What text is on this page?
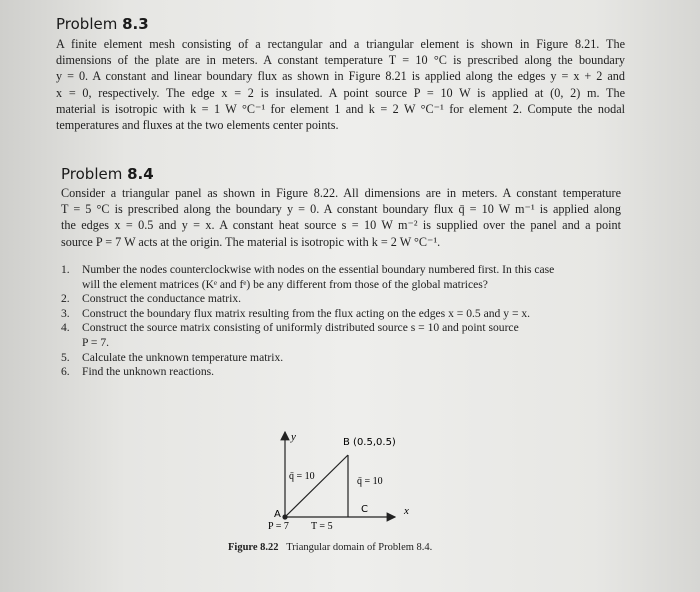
Problem 8.3
A finite element mesh consisting of a rectangular and a triangular element is shown in Figure 8.21. The
dimensions of the plate are in meters. A constant temperature T = 10 °C is prescribed along the boundary
y = 0. A constant and linear boundary flux as shown in Figure 8.21 is applied along the edges y = x + 2 and
x = 0, respectively. The edge x = 2 is insulated. A point source P = 10 W is applied at (0, 2) m. The
material is isotropic with k = 1 W °C⁻¹ for element 1 and k = 2 W °C⁻¹ for element 2. Compute the nodal
temperatures and fluxes at the two elements center points.
Problem 8.4
Consider a triangular panel as shown in Figure 8.22. All dimensions are in meters. A constant temperature
T = 5 °C is prescribed along the boundary y = 0. A constant boundary flux q̄ = 10 W m⁻¹ is applied along
the edges x = 0.5 and y = x. A constant heat source s = 10 W m⁻² is supplied over the panel and a point
source P = 7 W acts at the origin. The material is isotropic with k = 2 W °C⁻¹.
1. Number the nodes counterclockwise with nodes on the essential boundary numbered first. In this case
will the element matrices (Kᵉ and fᵉ) be any different from those of the global matrices?
2. Construct the conductance matrix.
3. Construct the boundary flux matrix resulting from the flux acting on the edges x = 0.5 and y = x.
4. Construct the source matrix consisting of uniformly distributed source s = 10 and point source
P = 7.
5. Calculate the unknown temperature matrix.
6. Find the unknown reactions.
y
x
B (0.5,0.5)
A	C
q̄ = 10	q̄ = 10
P = 7 T = 5
Figure 8.22 Triangular domain of Problem 8.4.
